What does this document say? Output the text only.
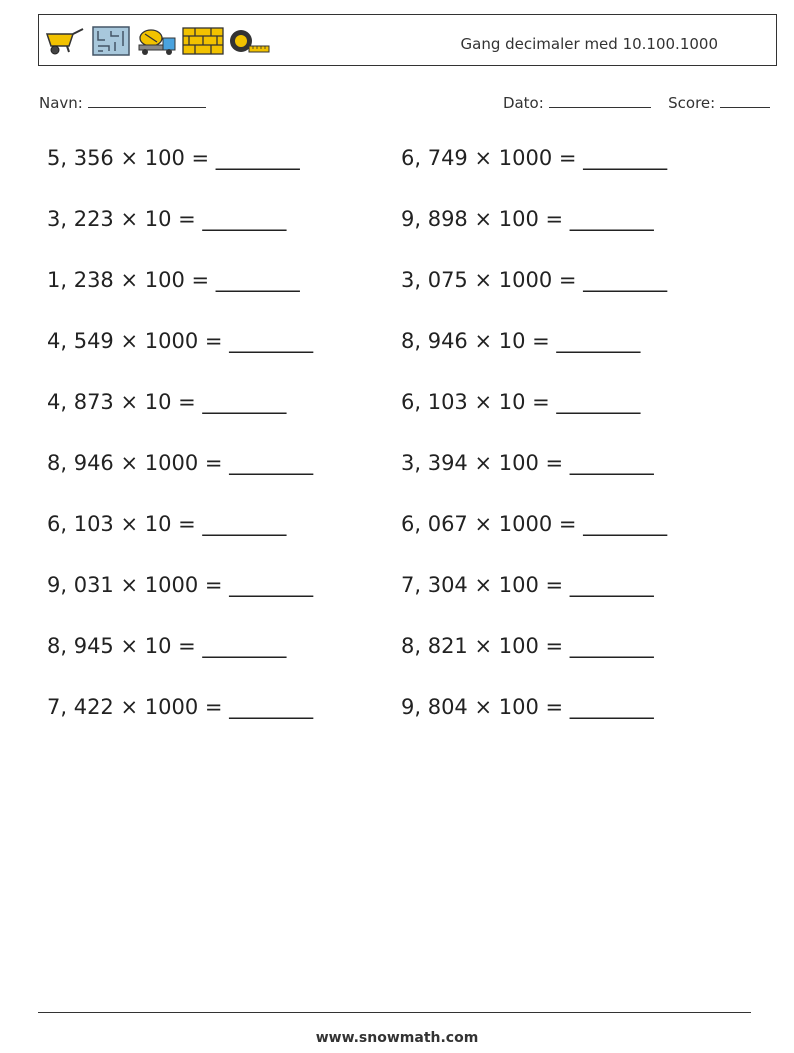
Gang decimaler med 10.100.1000
Navn:	Dato:	Score:
5, 356 × 100 = ________	6, 749 × 1000 = ________
3, 223 × 10 = ________	9, 898 × 100 = ________
1, 238 × 100 = ________	3, 075 × 1000 = ________
4, 549 × 1000 = ________	8, 946 × 10 = ________
4, 873 × 10 = ________	6, 103 × 10 = ________
8, 946 × 1000 = ________	3, 394 × 100 = ________
6, 103 × 10 = ________	6, 067 × 1000 = ________
9, 031 × 1000 = ________	7, 304 × 100 = ________
8, 945 × 10 = ________	8, 821 × 100 = ________
7, 422 × 1000 = ________	9, 804 × 100 = ________
www.snowmath.com
